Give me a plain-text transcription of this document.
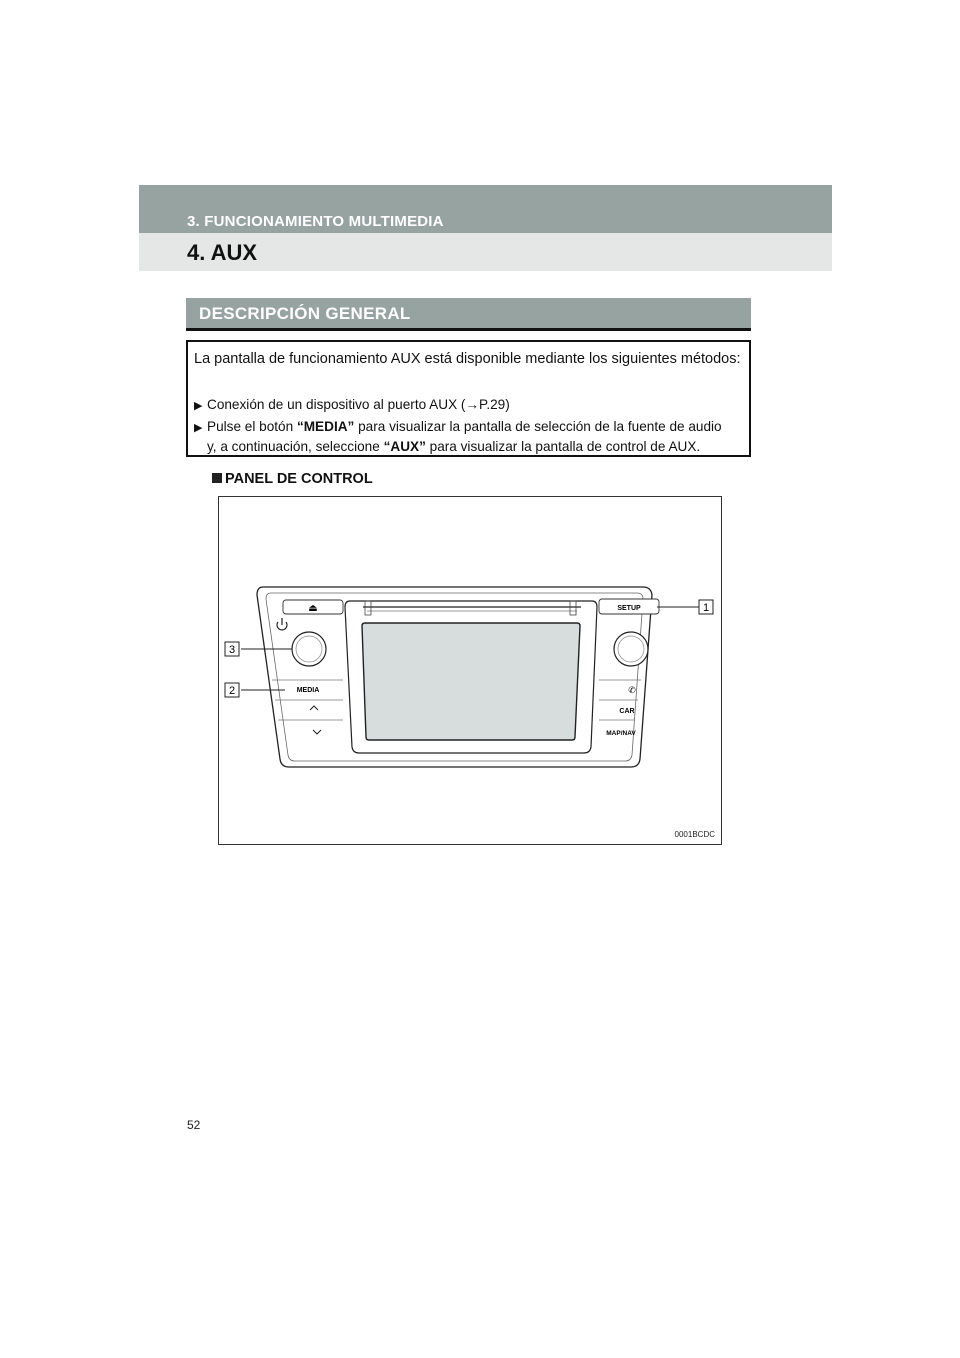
3. FUNCIONAMIENTO MULTIMEDIA
4. AUX
DESCRIPCIÓN GENERAL
La pantalla de funcionamiento AUX está disponible mediante los siguientes métodos:
▶ Conexión de un dispositivo al puerto AUX (→P.29)
▶ Pulse el botón “MEDIA” para visualizar la pantalla de selección de la fuente de audio
y, a continuación, seleccione “AUX” para visualizar la pantalla de control de AUX.
PANEL DE CONTROL
⏏
MEDIA
SETUP
✆
CAR
MAP/NAV
1
3
2
0001BCDC
52
